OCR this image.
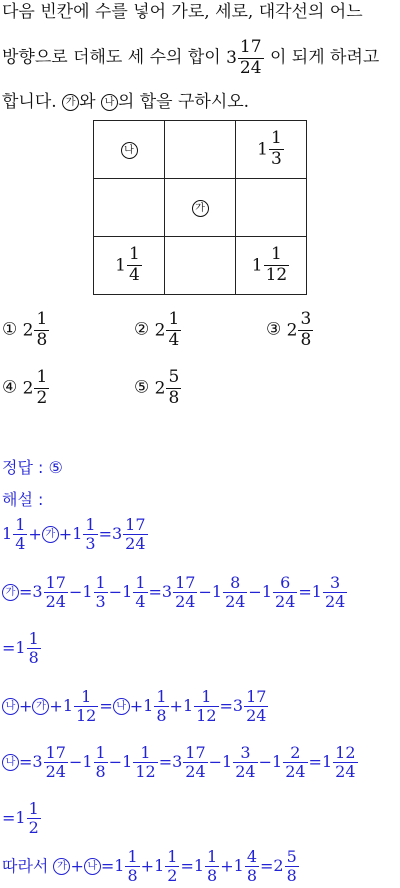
다음 빈칸에 수를 넣어 가로, 세로, 대각선의 어느
방향으로 더해도 세 수의 합이 $3 \frac{17}{24}$ 이 되게 하려고
합니다. 가 와 나 의 합을 구하시오.
나		$1 \frac{1}{3}$

	가	
$1 \frac{1}{4}$		$1 \frac{1}{12}$
① $2 \frac{1}{8}$	② $2 \frac{1}{4}$	③ $2 \frac{3}{8}$
④ $2 \frac{1}{2}$	⑤ $2 \frac{5}{8}$
정답 : ⑤
해설 :
$1 \frac{1}{4}$ + 가 $+1 \frac{1}{3} =3 \frac{17}{24}$
가 $=3 \frac{17}{24} -1 \frac{1}{3} -1 \frac{1}{4} =3 \frac{17}{24} -1 \frac{8}{24} -1 \frac{6}{24} =1 \frac{3}{24}$
$=1 \frac{1}{8}$
나 + 가 $+1 \frac{1}{12}$ = 나 $+1 \frac{1}{8} +1 \frac{1}{12} =3 \frac{17}{24}$
나 $=3 \frac{17}{24} -1 \frac{1}{8} -1 \frac{1}{12} =3 \frac{17}{24} -1 \frac{3}{24} -1 \frac{2}{24} =1 \frac{12}{24}$
$=1 \frac{1}{2}$
따라서 가 + 나 $=1 \frac{1}{8} +1 \frac{1}{2} =1 \frac{1}{8} +1 \frac{4}{8} =2 \frac{5}{8}$
